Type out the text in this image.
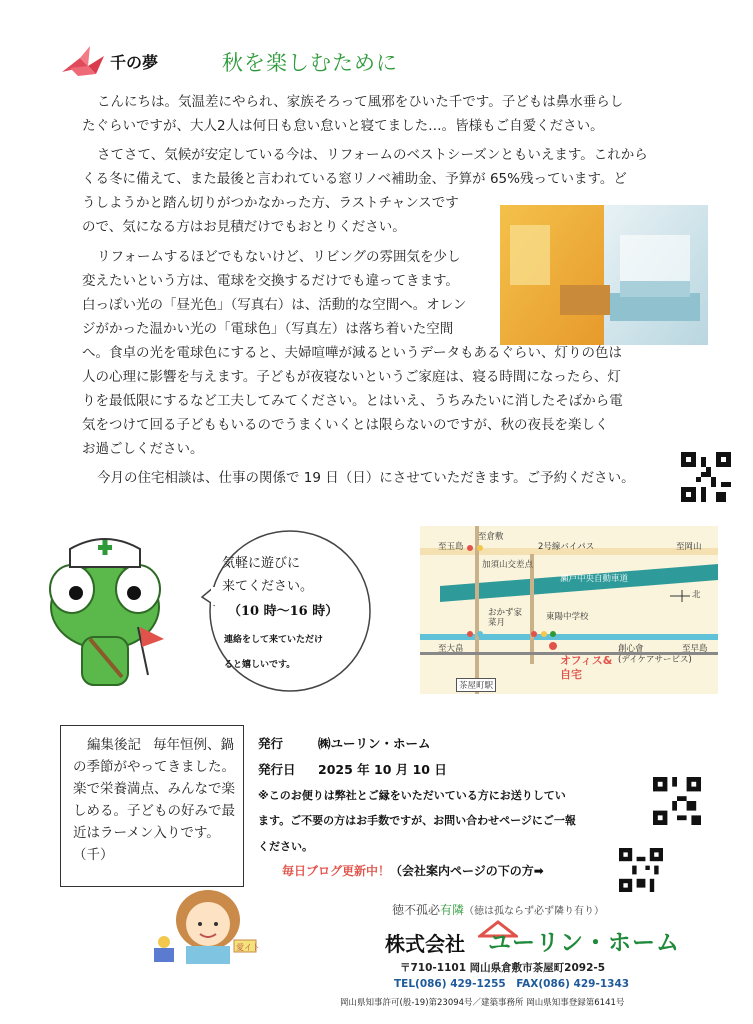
千の夢	秋を楽しむために
こんにちは。気温差にやられ、家族そろって風邪をひいた千です。子どもは鼻水垂らし
たぐらいですが、大人2人は何日も怠い怠いと寝てました…。皆様もご自愛ください。
さてさて、気候が安定している今は、リフォームのベストシーズンともいえます。これから
くる冬に備えて、また最後と言われている窓リノベ補助金、予算が 65%残っています。ど
うしようかと踏ん切りがつかなかった方、ラストチャンスです
ので、気になる方はお見積だけでもおとりください。
リフォームするほどでもないけど、リビングの雰囲気を少し
変えたいという方は、電球を交換するだけでも違ってきます。
白っぽい光の「昼光色」（写真右）は、活動的な空間へ。オレン
ジがかった温かい光の「電球色」（写真左）は落ち着いた空間
へ。食卓の光を電球色にすると、夫婦喧嘩が減るというデータもあるぐらい、灯りの色は
人の心理に影響を与えます。子どもが夜寝ないというご家庭は、寝る時間になったら、灯
りを最低限にするなど工夫してみてください。とはいえ、うちみたいに消したそばから電
気をつけて回る子どももいるのでうまくいくとは限らないのですが、秋の夜長を楽しく
お過ごしください。
今月の住宅相談は、仕事の関係で 19 日（日）にさせていただきます。ご予約ください。
気軽に遊びに
来てください。
（10 時～16 時）
連絡をして来ていただけ
ると嬉しいです。
至玉島
至倉敷
2号線バイパス	至岡山
加須山交差点
瀬戸中央自動車道
北
おかず家
菜月
東陽中学校
至大畠
オフィス&
自宅
創心會
(デイケアサービス)
至早島
茶屋町駅
編集後記 毎年恒例、鍋の季節がやってきました。楽で栄養満点、みんなで楽しめる。子どもの好みで最近はラーメン入りです。（千）
発行	㈱ユーリン・ホーム
発行日 2025 年 10 月 10 日
※このお便りは弊社とご縁をいただいている方にお送りしてい
ます。ご不要の方はお手数ですが、お問い合わせページにご一報
ください。
毎日ブログ更新中！（会社案内ページの下の方➡
愛イト
徳不孤必有隣（徳は孤ならず必ず隣り有り）
株式会社 ユーリン・ホーム
〒710-1101 岡山県倉敷市茶屋町2092-5
TEL(086) 429-1255　FAX(086) 429-1343
岡山県知事許可(般-19)第23094号／建築事務所 岡山県知事登録第6141号
